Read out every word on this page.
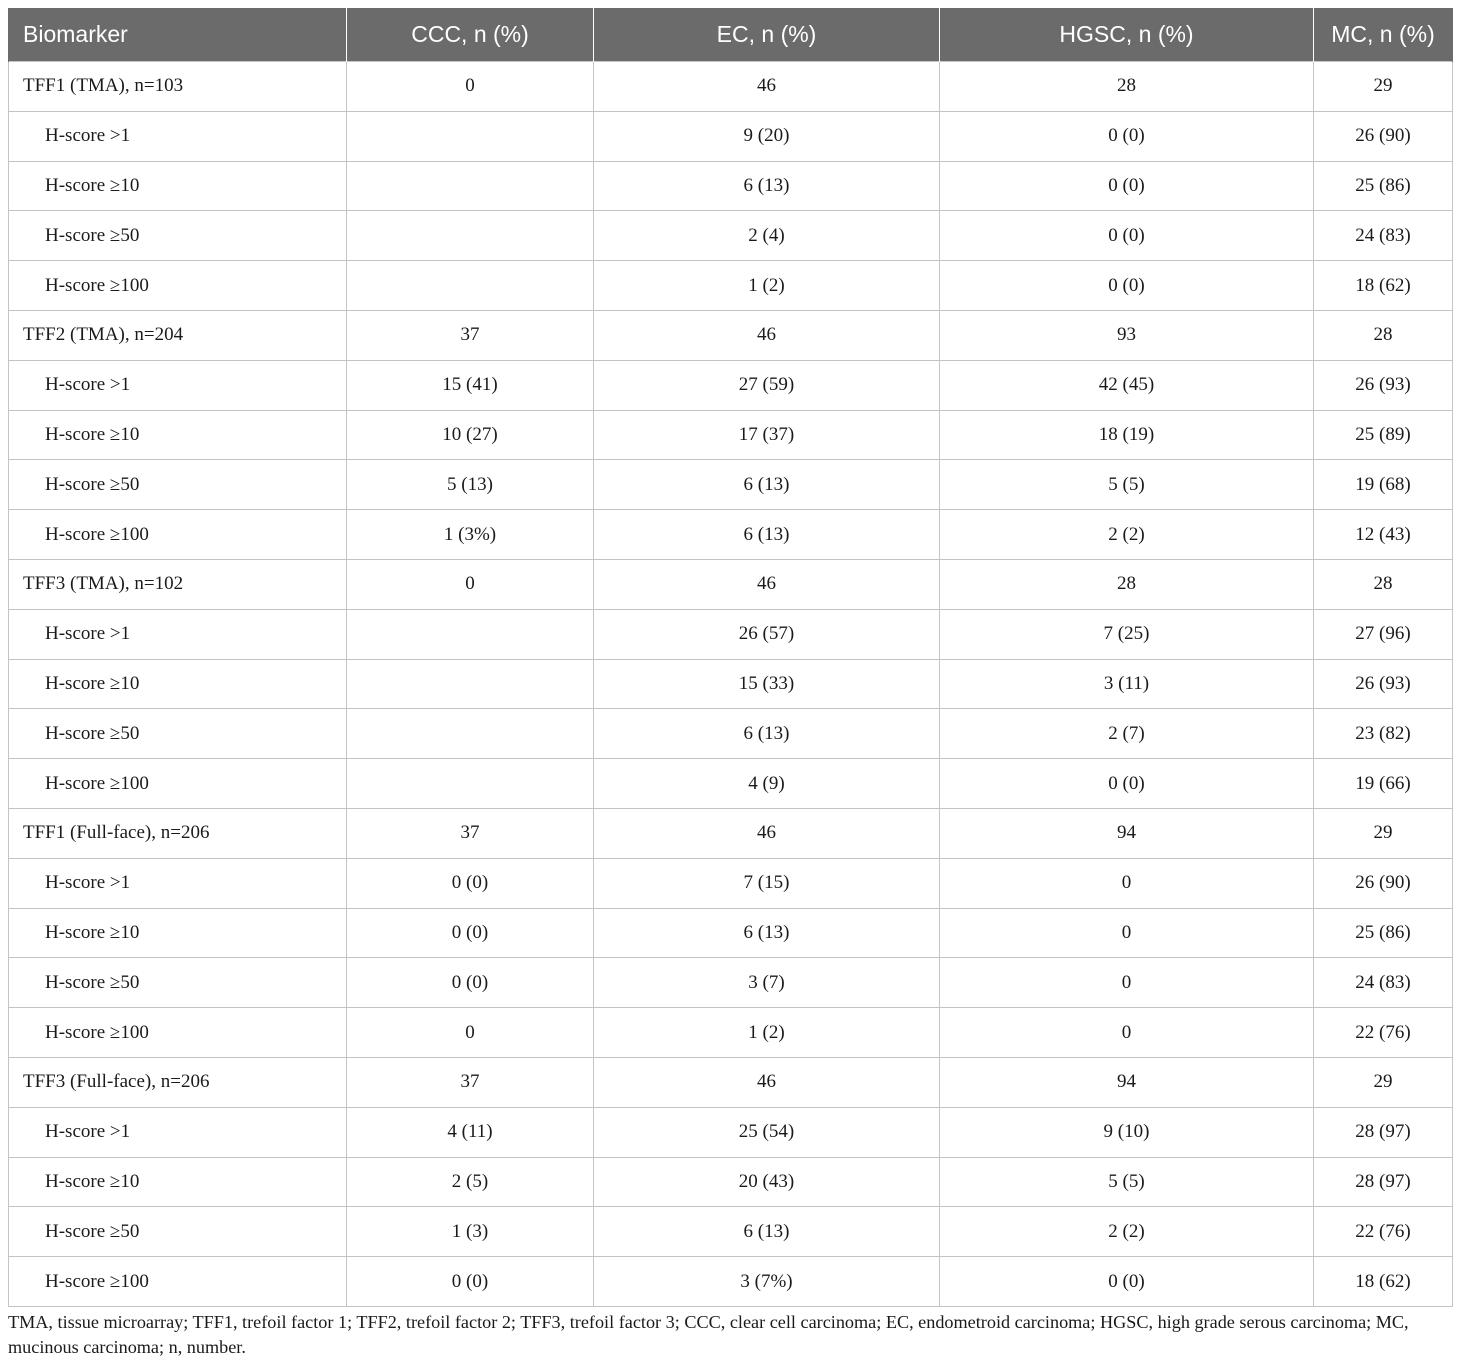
Biomarker	CCC, n (%)	EC, n (%)	HGSC, n (%)	MC, n (%)
TFF1 (TMA), n=103	0	46	28	29
H-score >1		9 (20)	0 (0)	26 (90)
H-score ≥10		6 (13)	0 (0)	25 (86)
H-score ≥50		2 (4)	0 (0)	24 (83)
H-score ≥100		1 (2)	0 (0)	18 (62)
TFF2 (TMA), n=204	37	46	93	28
H-score >1	15 (41)	27 (59)	42 (45)	26 (93)
H-score ≥10	10 (27)	17 (37)	18 (19)	25 (89)
H-score ≥50	5 (13)	6 (13)	5 (5)	19 (68)
H-score ≥100	1 (3%)	6 (13)	2 (2)	12 (43)
TFF3 (TMA), n=102	0	46	28	28
H-score >1		26 (57)	7 (25)	27 (96)
H-score ≥10		15 (33)	3 (11)	26 (93)
H-score ≥50		6 (13)	2 (7)	23 (82)
H-score ≥100		4 (9)	0 (0)	19 (66)
TFF1 (Full-face), n=206	37	46	94	29
H-score >1	0 (0)	7 (15)	0	26 (90)
H-score ≥10	0 (0)	6 (13)	0	25 (86)
H-score ≥50	0 (0)	3 (7)	0	24 (83)
H-score ≥100	0	1 (2)	0	22 (76)
TFF3 (Full-face), n=206	37	46	94	29
H-score >1	4 (11)	25 (54)	9 (10)	28 (97)
H-score ≥10	2 (5)	20 (43)	5 (5)	28 (97)
H-score ≥50	1 (3)	6 (13)	2 (2)	22 (76)
H-score ≥100	0 (0)	3 (7%)	0 (0)	18 (62)
TMA, tissue microarray; TFF1, trefoil factor 1; TFF2, trefoil factor 2; TFF3, trefoil factor 3; CCC, clear cell carcinoma; EC, endometroid carcinoma; HGSC, high grade serous carcinoma; MC, mucinous carcinoma; n, number.
